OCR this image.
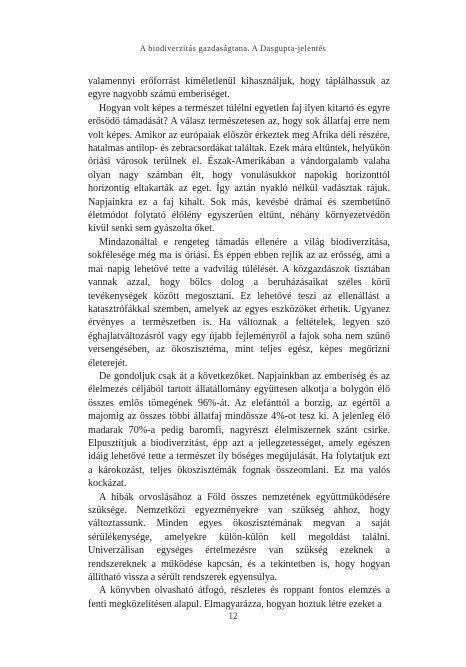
A biodiverzitás gazdaságtana. A Dasgupta-jelentés

valamennyi erőforrást kíméletlenül kihasználjuk, hogy táplálhassuk az egyre nagyobb számú emberiséget.

Hogyan volt képes a természet túlélni egyetlen faj ilyen kitartó és egyre erősödő támadását? A válasz természetesen az, hogy sok állatfaj erre nem volt képes. Amikor az európaiak először érkeztek meg Afrika déli részére, hatalmas antilop- és zebracsordákat találtak. Ezek mára eltűntek, helyükön óriási városok terülnek el. Észak-Amerikában a vándorgalamb valaha olyan nagy számban élt, hogy vonulásukkor napokig horizonttól horizontig eltakarták az eget. Így aztán nyakló nélkül vadásztak rájuk. Napjainkra ez a faj kihalt. Sok más, kevésbé drámai és szembetűnő életmódot folytató élőlény egyszerűen eltűnt, néhány környezetvédőn kívül senki sem gyászolta őket.

Mindazonáltal e rengeteg támadás ellenére a világ biodiverzitása, sokfélesége még ma is óriási. És éppen ebben rejlik az az erősség, ami a mai napig lehetővé tette a vadvilág túlélését. A közgazdászok tisztában vannak azzal, hogy bölcs dolog a beruházásaikat széles körű tevékenységek között megosztani. Ez lehetővé teszi az ellenállást a katasztrófákkal szemben, amelyek az egyes eszközöket érhetik. Ugyanez érvényes a természetben is. Ha változnak a feltételek, legyen szó éghajlatváltozásról vagy egy újabb fejleményről a fajok soha nem szűnő versengésében, az ökoszisztéma, mint teljes egész, képes megőrizni életerejét.

De gondoljuk csak át a következőket. Napjainkban az emberiség és az élelmezés céljából tartott állatállomány együttesen alkotja a bolygón élő összes emlős tömegének 96%-át. Az elefánttól a borzig, az egértől a majomig az összes többi állatfaj mindössze 4%-ot tesz ki. A jelenleg élő madarak 70%-a pedig baromfi, nagyrészt élelmiszernek szánt csirke. Elpusztítjuk a biodiverzitást, épp azt a jellegzetességet, amely egészen idáig lehetővé tette a természet ily bőséges megújulását. Ha folytatjuk ezt a károkozást, teljes ökoszisztémák fognak összeomlani. Ez ma valós kockázat.

A hibák orvoslásához a Föld összes nemzetének együttműködésére szüksége. Nemzetközi egyezményekre van szükség ahhoz, hogy változtassunk. Minden egyes ökoszisztémának megvan a saját sérülékenysége, amelyekre külön-külön kell megoldást találni. Univerzálisan egységes értelmezésre van szükség ezeknek a rendszereknek a működése kapcsán, és a tekintetben is, hogy hogyan állítható vissza a sérült rendszerek egyensúlya.

A könyvben olvasható átfogó, részletes és roppant fontos elemzés a fenti megközelítésen alapul. Elmagyarázza, hogyan hoztuk létre ezeket a

12
